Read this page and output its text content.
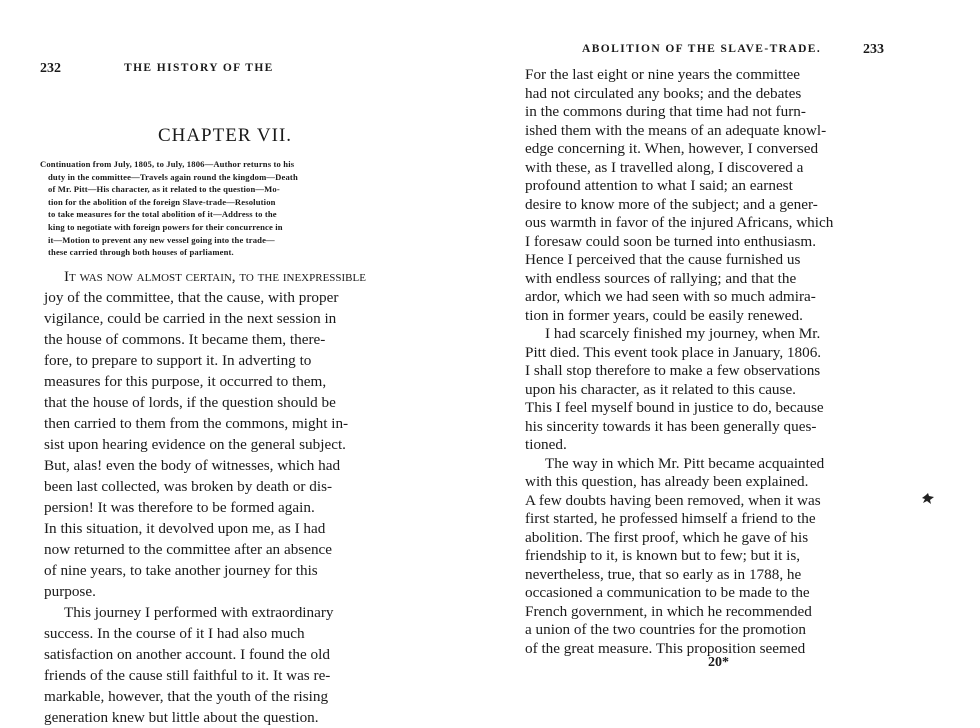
232	THE HISTORY OF THE
CHAPTER VII.
Continuation from July, 1805, to July, 1806—Author returns to his
duty in the committee—Travels again round the kingdom—Death
of Mr. Pitt—His character, as it related to the question—Mo-
tion for the abolition of the foreign Slave-trade—Resolution
to take measures for the total abolition of it—Address to the
king to negotiate with foreign powers for their concurrence in
it—Motion to prevent any new vessel going into the trade—
these carried through both houses of parliament.
It was now almost certain, to the inexpressible
joy of the committee, that the cause, with proper
vigilance, could be carried in the next session in
the house of commons. It became them, there-
fore, to prepare to support it. In adverting to
measures for this purpose, it occurred to them,
that the house of lords, if the question should be
then carried to them from the commons, might in-
sist upon hearing evidence on the general subject.
But, alas! even the body of witnesses, which had
been last collected, was broken by death or dis-
persion! It was therefore to be formed again.
In this situation, it devolved upon me, as I had
now returned to the committee after an absence
of nine years, to take another journey for this
purpose.
This journey I performed with extraordinary
success. In the course of it I had also much
satisfaction on another account. I found the old
friends of the cause still faithful to it. It was re-
markable, however, that the youth of the rising
generation knew but little about the question.
ABOLITION OF THE SLAVE-TRADE.	233
For the last eight or nine years the committee
had not circulated any books; and the debates
in the commons during that time had not furn-
ished them with the means of an adequate knowl-
edge concerning it. When, however, I conversed
with these, as I travelled along, I discovered a
profound attention to what I said; an earnest
desire to know more of the subject; and a gener-
ous warmth in favor of the injured Africans, which
I foresaw could soon be turned into enthusiasm.
Hence I perceived that the cause furnished us
with endless sources of rallying; and that the
ardor, which we had seen with so much admira-
tion in former years, could be easily renewed.
I had scarcely finished my journey, when Mr.
Pitt died. This event took place in January, 1806.
I shall stop therefore to make a few observations
upon his character, as it related to this cause.
This I feel myself bound in justice to do, because
his sincerity towards it has been generally ques-
tioned.
The way in which Mr. Pitt became acquainted
with this question, has already been explained.
A few doubts having been removed, when it was
first started, he professed himself a friend to the
abolition. The first proof, which he gave of his
friendship to it, is known but to few; but it is,
nevertheless, true, that so early as in 1788, he
occasioned a communication to be made to the
French government, in which he recommended
a union of the two countries for the promotion
of the great measure. This proposition seemed
20*
